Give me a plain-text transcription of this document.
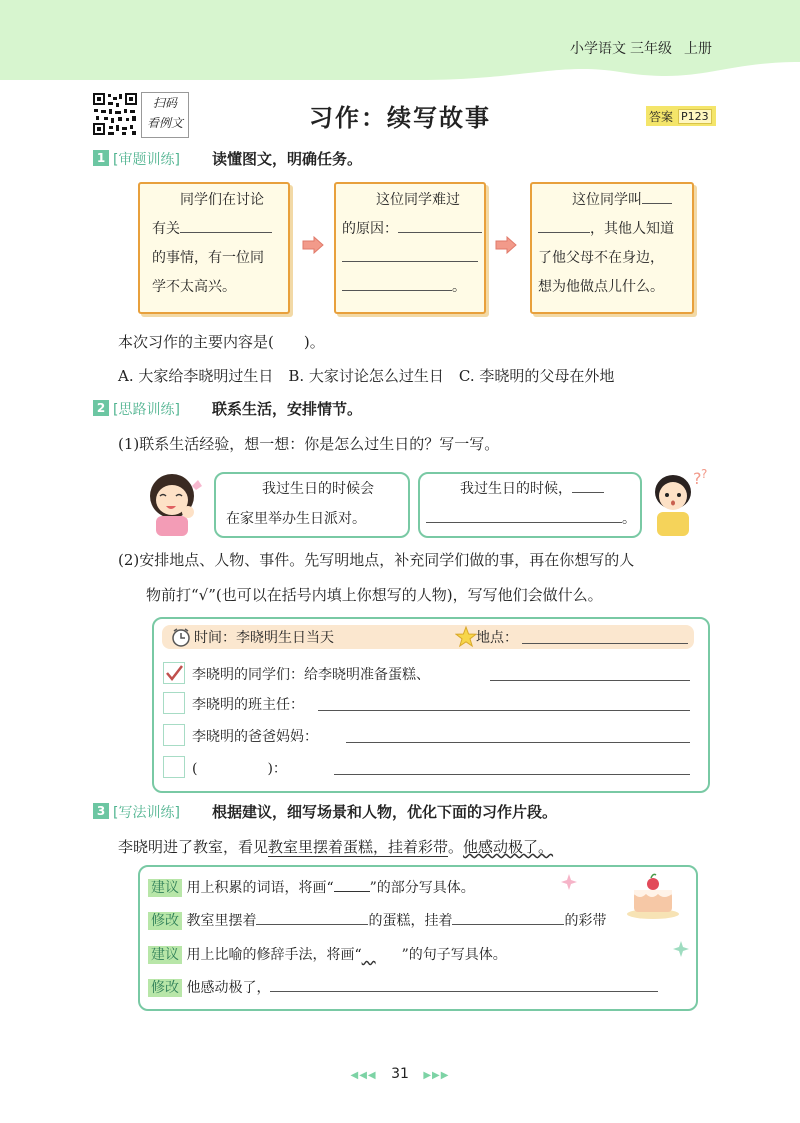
小学语文 三年级 上册
扫码
看例文	习作：续写故事	答案 P123
1 [审题训练] 读懂图文，明确任务。
同学们在讨论
有关
的事情，有一位同
学不太高兴。
这位同学难过
的原因：
。
这位同学叫
，其他人知道
了他父母不在身边，
想为他做点儿什么。
本次习作的主要内容是(　　)。
A. 大家给李晓明过生日　B. 大家讨论怎么过生日　C. 李晓明的父母在外地
2 [思路训练] 联系生活，安排情节。
(1)联系生活经验，想一想：你是怎么过生日的？写一写。
我过生日的时候会
在家里举办生日派对。
我过生日的时候，
。
? ?
(2)安排地点、人物、事件。先写明地点，补充同学们做的事，再在你想写的人
物前打“√”(也可以在括号内填上你想写的人物)，写写他们会做什么。
时间：李晓明生日当天	地点：
李晓明的同学们：给李晓明准备蛋糕、
李晓明的班主任：
李晓明的爸爸妈妈：
(　　　　　)：
3 [写法训练] 根据建议，细写场景和人物，优化下面的习作片段。
李晓明进了教室，看见教室里摆着蛋糕，挂着彩带。他感动极了。
建议 用上积累的词语，将画“	”的部分写具体。
修改 教室里摆着	的蛋糕，挂着	的彩带
建议 用上比喻的修辞手法，将画“	”的句子写具体。
修改 他感动极了，
◀◀◀ 31 ▶▶▶
